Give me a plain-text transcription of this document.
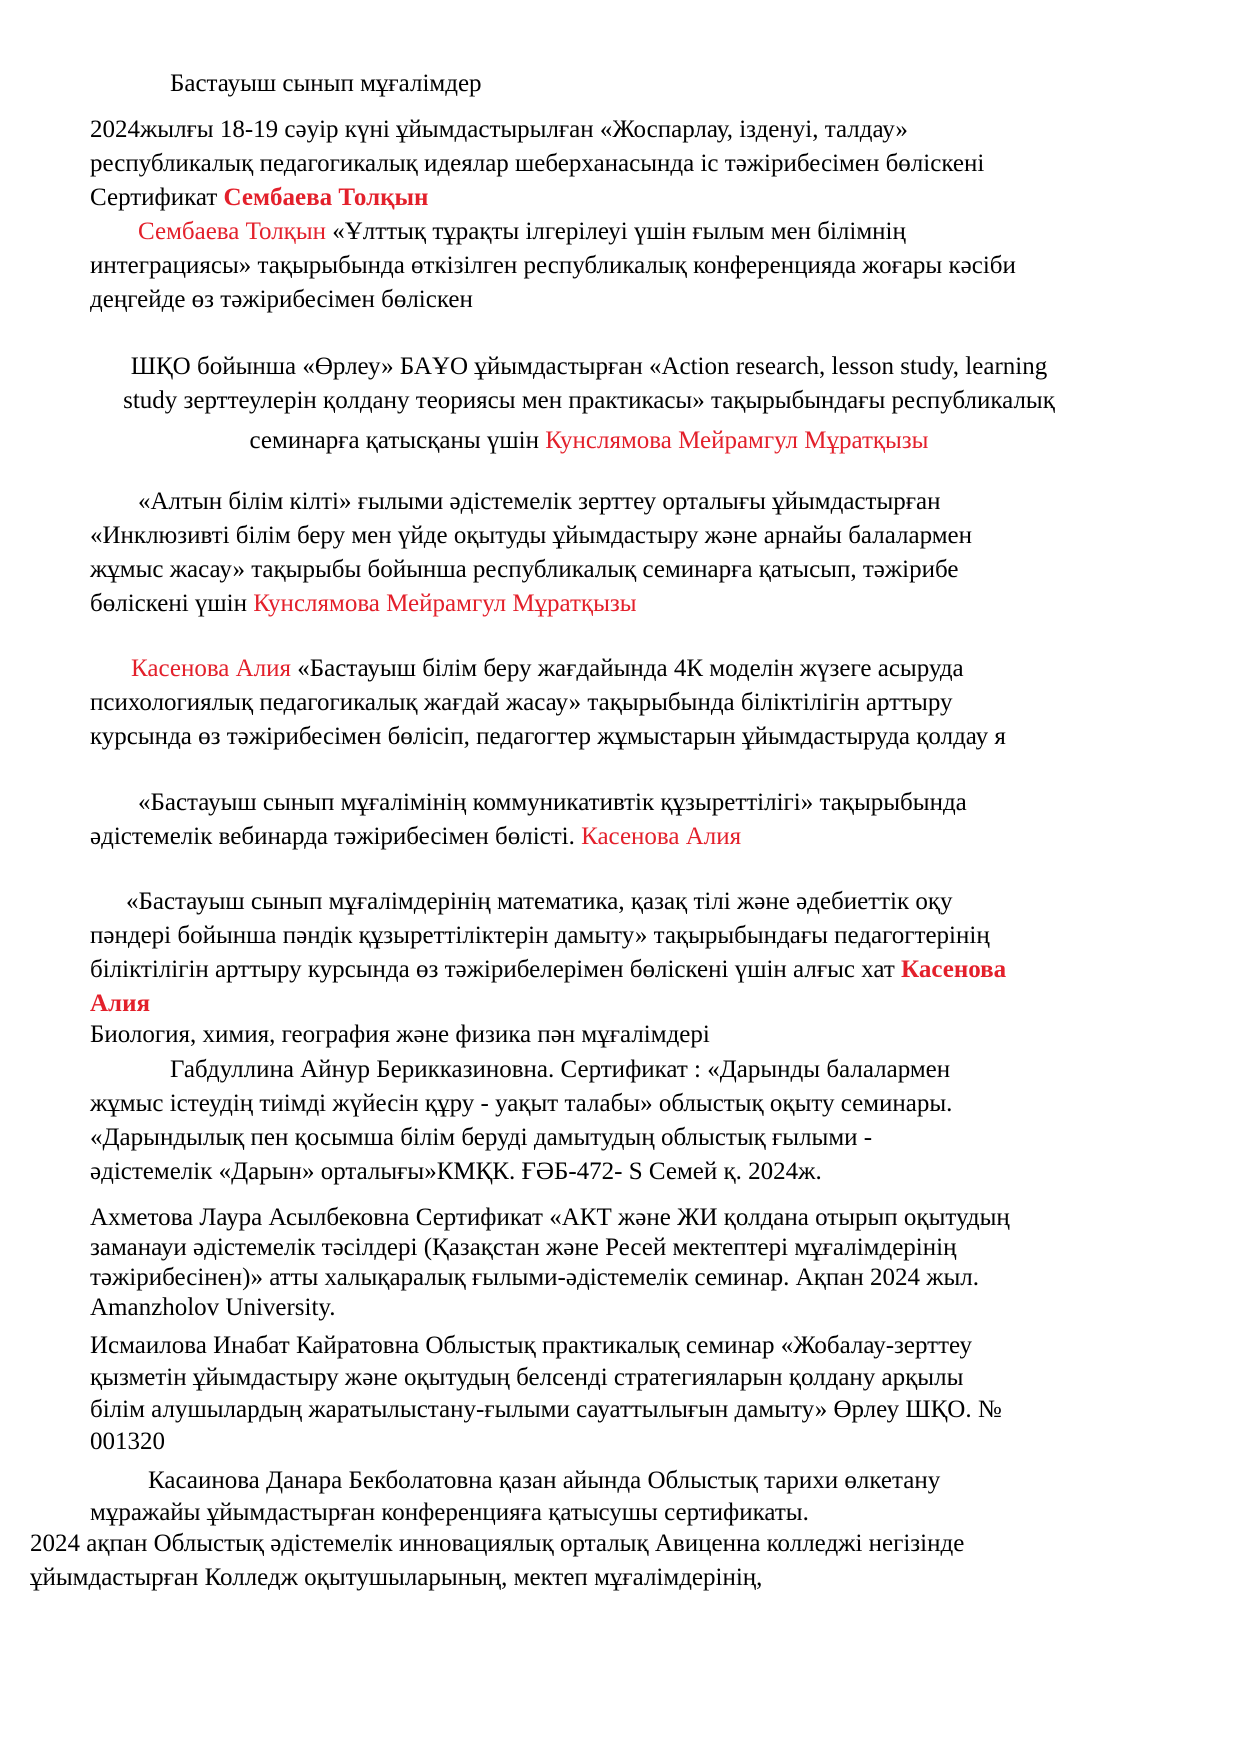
Бастауыш сынып мұғалімдер
2024жылғы 18-19 сәуір күні ұйымдастырылған «Жоспарлау, ізденуі, талдау»
республикалық педагогикалық идеялар шеберханасында іс тәжірибесімен бөліскені
Сертификат Сембаева Толқын
Сембаева Толқын «Ұлттық тұрақты ілгерілеуі үшін ғылым мен білімнің
интеграциясы» тақырыбында өткізілген республикалық конференцияда жоғары кәсіби
деңгейде өз тәжірибесімен бөліскен
ШҚО бойынша «Өрлеу» БАҰО ұйымдастырған «Action research, lesson study, learning
study зерттеулерін қолдану теориясы мен практикасы» тақырыбындағы республикалық
семинарға қатысқаны үшін Кунслямова Мейрамгул Мұратқызы
«Алтын білім кілті» ғылыми әдістемелік зерттеу орталығы ұйымдастырған
«Инклюзивті білім беру мен үйде оқытуды ұйымдастыру және арнайы балалармен
жұмыс жасау» тақырыбы бойынша республикалық семинарға қатысып, тәжірибе
бөлiскенi үшiн Кунслямова Мейрамгул Мұратқызы
Касенова Алия «Бастауыш білім беру жағдайында 4К моделін жүзеге асыруда
психологиялық педагогикалық жағдай жасау» тақырыбында біліктілігін арттыру
курсында өз тәжірибесімен бөлісіп, педагогтер жұмыстарын ұйымдастыруда қолдау я
«Бастауыш сынып мұғалімінің коммуникативтік құзыреттілігі» тақырыбында
әдістемелік вебинарда тәжірибесімен бөлісті. Касенова Алия
«Бастауыш сынып мұғалімдерінің математика, қазақ тілі және әдебиеттік оқу
пәндері бойынша пәндік құзыреттіліктерін дамыту» тақырыбындағы педагогтерінің
біліктілігін арттыру курсында өз тәжірибелерімен бөліскені үшін алғыс хат Касенова
Алия
Биология, химия, география және физика пән мұғалімдері
Габдуллина Айнур Берикказиновна. Сертификат : «Дарынды балалармен
жұмыс істеудің тиімді жүйесін құру - уақыт талабы» облыстық оқыту семинары.
«Дарындылық пен қосымша білім беруді дамытудың облыстық ғылыми -
әдістемелік «Дарын» орталығы»КМҚК. ҒӘБ-472- S Семей қ. 2024ж.
Ахметова Лаура Асылбековна Сертификат «АКТ және ЖИ қолдана отырып оқытудың
заманауи әдістемелік тәсілдері (Қазақстан және Ресей мектептері мұғалімдерінің
тәжірибесінен)» атты халықаралық ғылыми-әдістемелік семинар. Ақпан 2024 жыл.
Amanzholov University.
Исмаилова Инабат Кайратовна Облыстық практикалық семинар «Жобалау-зерттеу
қызметін ұйымдастыру және оқытудың белсенді стратегияларын қолдану арқылы
білім алушылардың жаратылыстану-ғылыми сауаттылығын дамыту» Өрлеу ШҚО. №
001320
Касаинова Данара Бекболатовна қазан айында Облыстық тарихи өлкетану
мұражайы ұйымдастырған конференцияға қатысушы сертификаты.
2024 ақпан Облыстық әдістемелік инновациялық орталық Авиценна колледжі негізінде
ұйымдастырған Колледж оқытушыларының, мектеп мұғалімдерінің,
